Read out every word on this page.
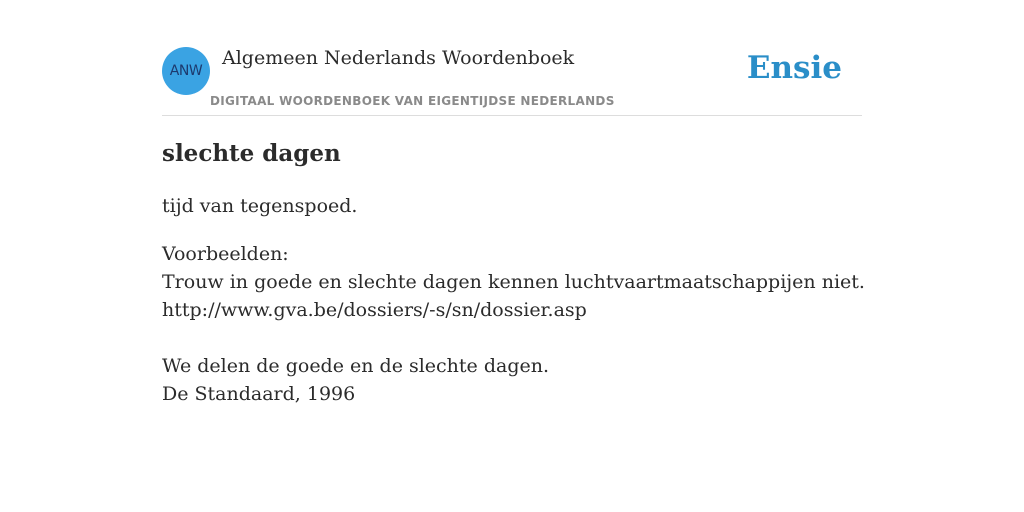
ANW
Algemeen Nederlands Woordenboek
DIGITAAL WOORDENBOEK VAN EIGENTIJDSE NEDERLANDS
Ensie
slechte dagen

tijd van tegenspoed.

Voorbeelden:
Trouw in goede en slechte dagen kennen luchtvaartmaatschappijen niet.
http://www.gva.be/dossiers/-s/sn/dossier.asp
We delen de goede en de slechte dagen.
De Standaard, 1996
